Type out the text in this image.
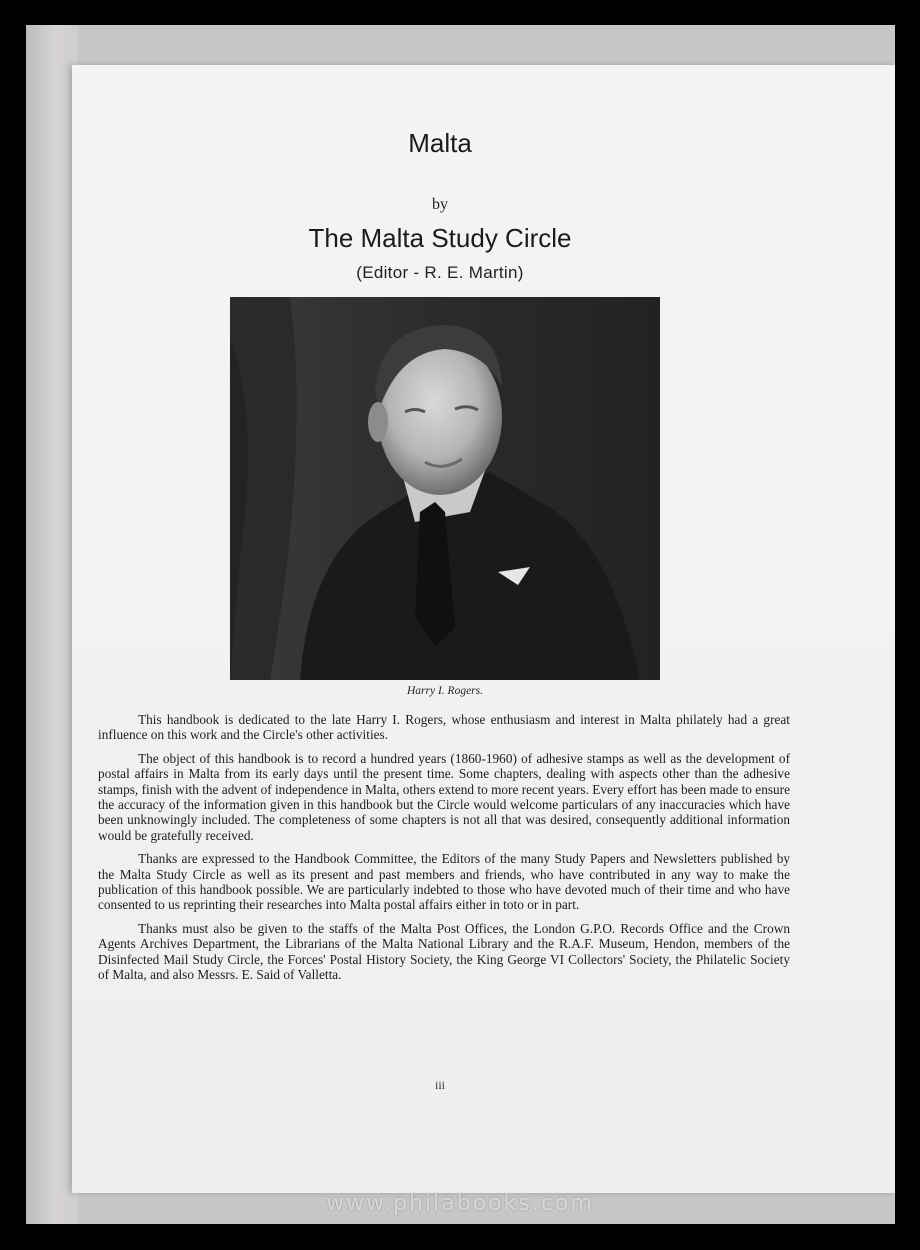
Malta
by
The Malta Study Circle
(Editor - R. E. Martin)
Harry I. Rogers.

This handbook is dedicated to the late Harry I. Rogers, whose enthusiasm and interest in Malta philately had a great influence on this work and the Circle's other activities.

The object of this handbook is to record a hundred years (1860-1960) of adhesive stamps as well as the development of postal affairs in Malta from its early days until the present time. Some chapters, dealing with aspects other than the adhesive stamps, finish with the advent of independence in Malta, others extend to more recent years. Every effort has been made to ensure the accuracy of the information given in this handbook but the Circle would welcome particulars of any inaccuracies which have been unknowingly included. The completeness of some chapters is not all that was desired, consequently additional information would be gratefully received.

Thanks are expressed to the Handbook Committee, the Editors of the many Study Papers and Newsletters published by the Malta Study Circle as well as its present and past members and friends, who have contributed in any way to make the publication of this handbook possible. We are particularly indebted to those who have devoted much of their time and who have consented to us reprinting their researches into Malta postal affairs either in toto or in part.

Thanks must also be given to the staffs of the Malta Post Offices, the London G.P.O. Records Office and the Crown Agents Archives Department, the Librarians of the Malta National Library and the R.A.F. Museum, Hendon, members of the Disinfected Mail Study Circle, the Forces' Postal History Society, the King George VI Collectors' Society, the Philatelic Society of Malta, and also Messrs. E. Said of Valletta.

iii
www.philabooks.com
